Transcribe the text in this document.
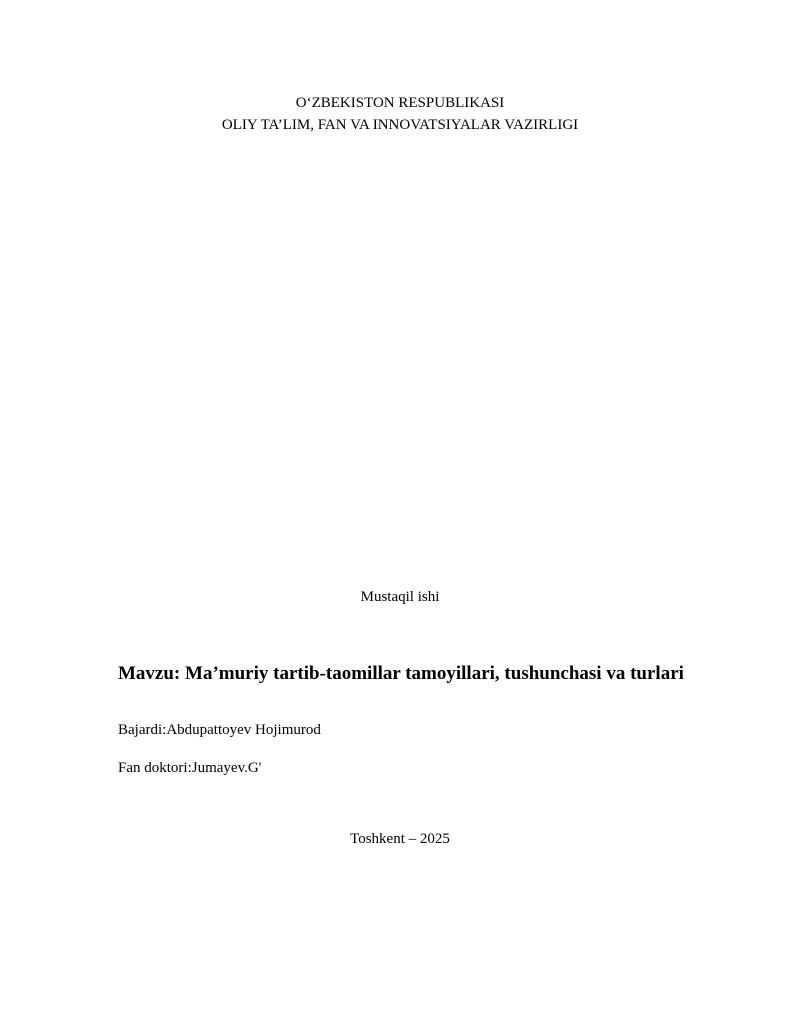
O‘ZBEKISTON RESPUBLIKASI
OLIY TA’LIM, FAN VA INNOVATSIYALAR VAZIRLIGI
Mustaqil ishi
Mavzu: Ma’muriy tartib-taomillar tamoyillari, tushunchasi va turlari
Bajardi:Abdupattoyev Hojimurod
Fan doktori:Jumayev.G'
Toshkent – 2025
